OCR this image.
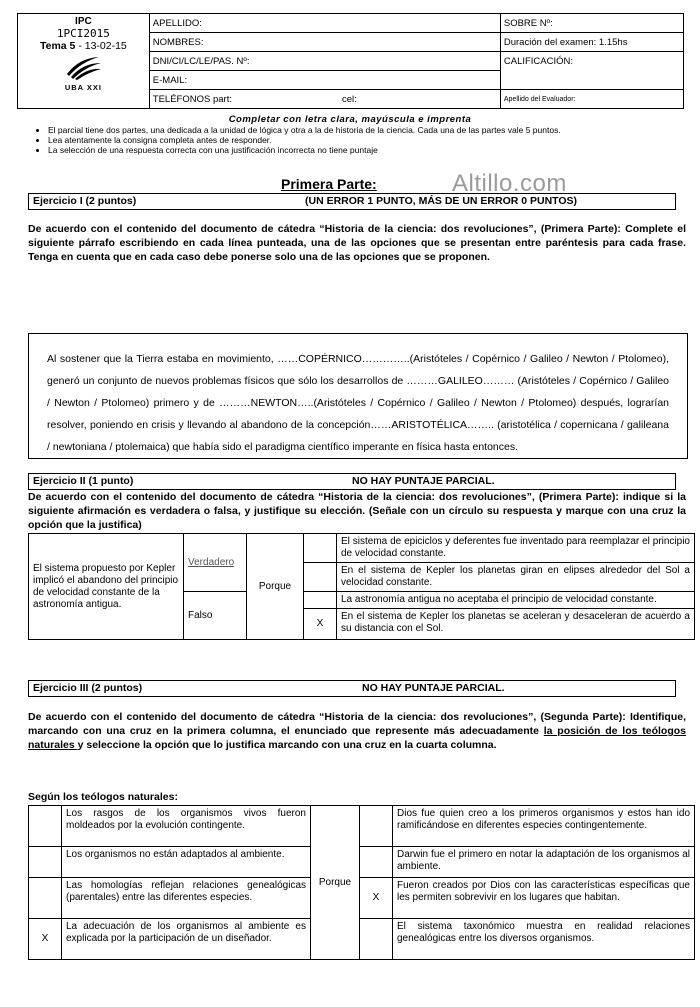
IPC
1PCI2015
Tema 5 - 13-02-15
UBA XXI	APELLIDO:	SOBRE Nº:
	NOMBRES:	Duración del examen: 1.15hs
	DNI/CI/LC/LE/PAS. Nº:	CALIFICACIÓN:
	E-MAIL:	
	TELÉFONOS part: cel:	Apellido del Evaluador:
Completar con letra clara, mayúscula e imprenta
• El parcial tiene dos partes, una dedicada a la unidad de lógica y otra a la de historia de la ciencia. Cada una de las partes vale 5 puntos.
• Lea atentamente la consigna completa antes de responder.
• La selección de una respuesta correcta con una justificación incorrecta no tiene puntaje
Primera Parte:	Altillo.com
Ejercicio I (2 puntos)	(UN ERROR 1 PUNTO, MÁS DE UN ERROR 0 PUNTOS)
De acuerdo con el contenido del documento de cátedra “Historia de la ciencia: dos revoluciones”, (Primera Parte): Complete el siguiente párrafo escribiendo en cada línea punteada, una de las opciones que se presentan entre paréntesis para cada frase. Tenga en cuenta que en cada caso debe ponerse solo una de las opciones que se proponen.
Al sostener que la Tierra estaba en movimiento, ……COPÉRNICO…………..(Aristóteles / Copérnico / Galileo / Newton / Ptolomeo), generó un conjunto de nuevos problemas físicos que sólo los desarrollos de ………GALILEO……… (Aristóteles / Copérnico / Galileo / Newton / Ptolomeo) primero y de ………NEWTON…..(Aristóteles / Copérnico / Galileo / Newton / Ptolomeo) después, lograrían resolver, poniendo en crisis y llevando al abandono de la concepción……ARISTOTÉLICA…….. (aristotélica / copernicana / galileana / newtoniana / ptolemaica) que había sido el paradigma científico imperante en física hasta entonces.
Ejercicio II (1 punto)	NO HAY PUNTAJE PARCIAL.
De acuerdo con el contenido del documento de cátedra “Historia de la ciencia: dos revoluciones”, (Primera Parte): indique si la siguiente afirmación es verdadera o falsa, y justifique su elección. (Señale con un círculo su respuesta y marque con una cruz la opción que la justifica)
El sistema propuesto por Kepler implicó el abandono del principio de velocidad constante de la astronomía antigua.	Verdadero	Porque		El sistema de epiciclos y deferentes fue inventado para reemplazar el principio de velocidad constante.
				En el sistema de Kepler los planetas giran en elipses alrededor del Sol a velocidad constante.
	Falso			La astronomía antigua no aceptaba el principio de velocidad constante.
			X	En el sistema de Kepler los planetas se aceleran y desaceleran de acuerdo a su distancia con el Sol.
Ejercicio III (2 puntos)	NO HAY PUNTAJE PARCIAL.
De acuerdo con el contenido del documento de cátedra “Historia de la ciencia: dos revoluciones”, (Segunda Parte): Identifique, marcando con una cruz en la primera columna, el enunciado que represente más adecuadamente la posición de los teólogos naturales y seleccione la opción que lo justifica marcando con una cruz en la cuarta columna.
Según los teólogos naturales:
	Los rasgos de los organismos vivos fueron moldeados por la evolución contingente.	Porque		Dios fue quien creo a los primeros organismos y estos han ido ramificándose en diferentes especies contingentemente.
	Los organismos no están adaptados al ambiente.			Darwin fue el primero en notar la adaptación de los organismos al ambiente.
	Las homologías reflejan relaciones genealógicas (parentales) entre las diferentes especies.		X	Fueron creados por Dios con las características específicas que les permiten sobrevivir en los lugares que habitan.
X	La adecuación de los organismos al ambiente es explicada por la participación de un diseñador.			El sistema taxonómico muestra en realidad relaciones genealógicas entre los diversos organismos.
